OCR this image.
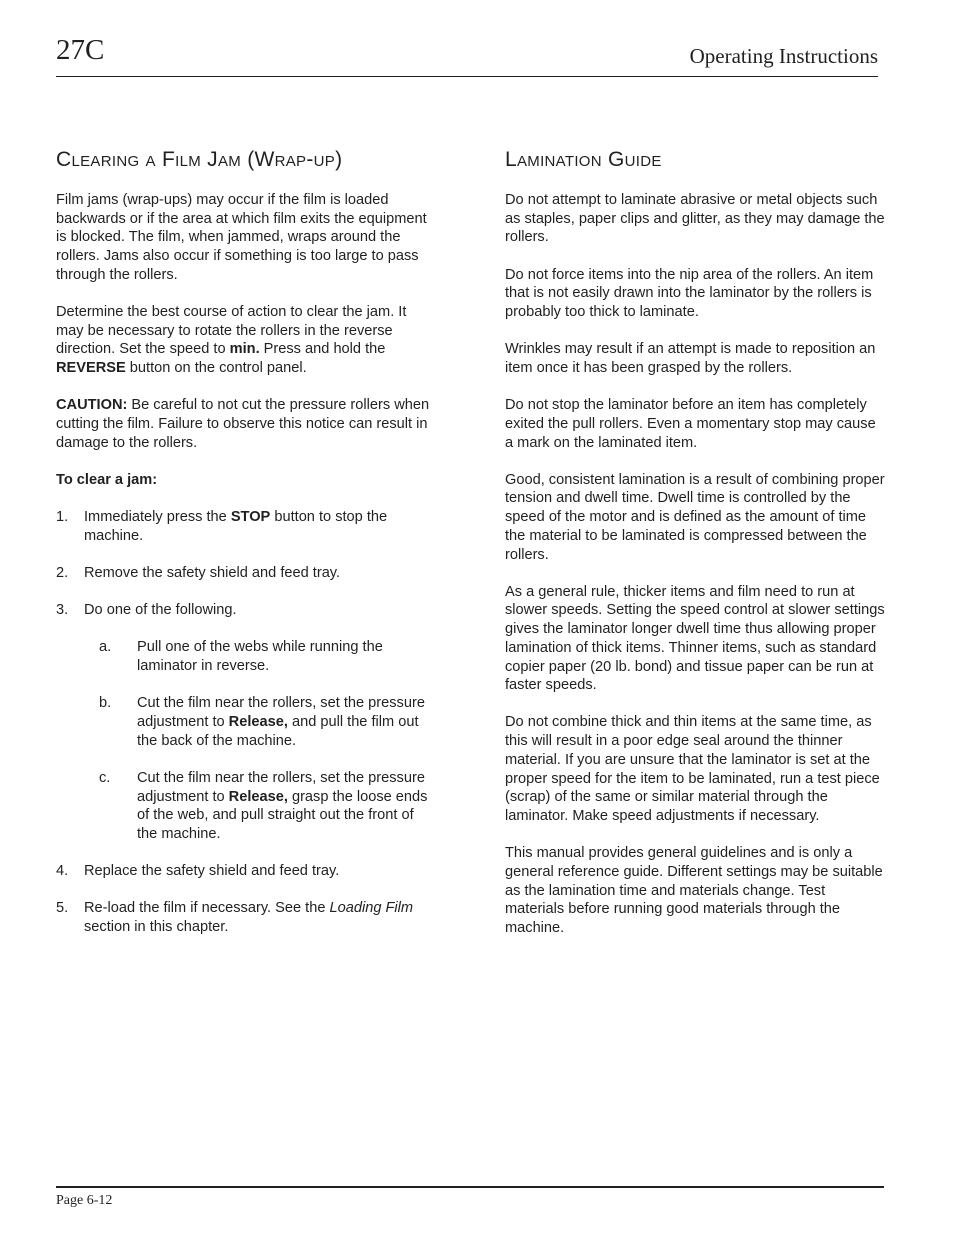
27C	Operating Instructions
Clearing a Film Jam (Wrap-up)

Film jams (wrap-ups) may occur if the film is loaded backwards or if the area at which film exits the equipment is blocked. The film, when jammed, wraps around the rollers. Jams also occur if something is too large to pass through the rollers.

Determine the best course of action to clear the jam. It may be necessary to rotate the rollers in the reverse direction. Set the speed to min. Press and hold the REVERSE button on the control panel.

CAUTION: Be careful to not cut the pressure rollers when cutting the film. Failure to observe this notice can result in damage to the rollers.

To clear a jam:

1. Immediately press the STOP button to stop the machine.
2. Remove the safety shield and feed tray.
3. Do one of the following.
a. Pull one of the webs while running the laminator in reverse.
b. Cut the film near the rollers, set the pressure adjustment to Release, and pull the film out the back of the machine.
c. Cut the film near the rollers, set the pressure adjustment to Release, grasp the loose ends of the web, and pull straight out the front of the machine.
4. Replace the safety shield and feed tray.
5. Re-load the film if necessary. See the Loading Film section in this chapter.
Lamination Guide

Do not attempt to laminate abrasive or metal objects such as staples, paper clips and glitter, as they may damage the rollers.

Do not force items into the nip area of the rollers. An item that is not easily drawn into the laminator by the rollers is probably too thick to laminate.

Wrinkles may result if an attempt is made to reposition an item once it has been grasped by the rollers.

Do not stop the laminator before an item has completely exited the pull rollers. Even a momentary stop may cause a mark on the laminated item.

Good, consistent lamination is a result of combining proper tension and dwell time. Dwell time is controlled by the speed of the motor and is defined as the amount of time the material to be laminated is compressed between the rollers.

As a general rule, thicker items and film need to run at slower speeds. Setting the speed control at slower settings gives the laminator longer dwell time thus allowing proper lamination of thick items. Thinner items, such as standard copier paper (20 lb. bond) and tissue paper can be run at faster speeds.

Do not combine thick and thin items at the same time, as this will result in a poor edge seal around the thinner material. If you are unsure that the laminator is set at the proper speed for the item to be laminated, run a test piece (scrap) of the same or similar material through the laminator. Make speed adjustments if necessary.

This manual provides general guidelines and is only a general reference guide. Different settings may be suitable as the lamination time and materials change. Test materials before running good materials through the machine.

Page 6-12
